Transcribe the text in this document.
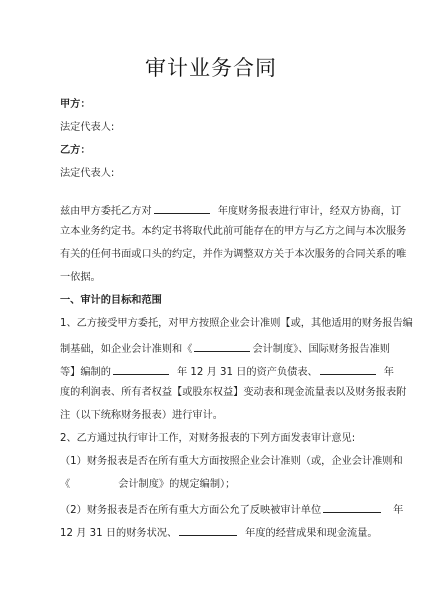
审计业务合同
甲方：
法定代表人:
乙方：
法定代表人:
兹由甲方委托乙方对	年度财务报表进行审计，经双方协商，订
立本业务约定书。本约定书将取代此前可能存在的甲方与乙方之间与本次服务
有关的任何书面或口头的约定，并作为调整双方关于本次服务的合同关系的唯
一依据。
一、审计的目标和范围
1、乙方接受甲方委托，对甲方按照企业会计准则【或，其他适用的财务报告编
制基础，如企业会计准则和《	会计制度》、国际财务报告准则
等】编制的	年 12 月 31 日的资产负债表、	年
度的利润表、所有者权益【或股东权益】变动表和现金流量表以及财务报表附
注（以下统称财务报表）进行审计。
2、乙方通过执行审计工作，对财务报表的下列方面发表审计意见:
（1）财务报表是否在所有重大方面按照企业会计准则（或，企业会计准则和
《	会计制度》的规定编制）；
（2）财务报表是否在所有重大方面公允了反映被审计单位	年
12 月 31 日的财务状况、	年度的经营成果和现金流量。
